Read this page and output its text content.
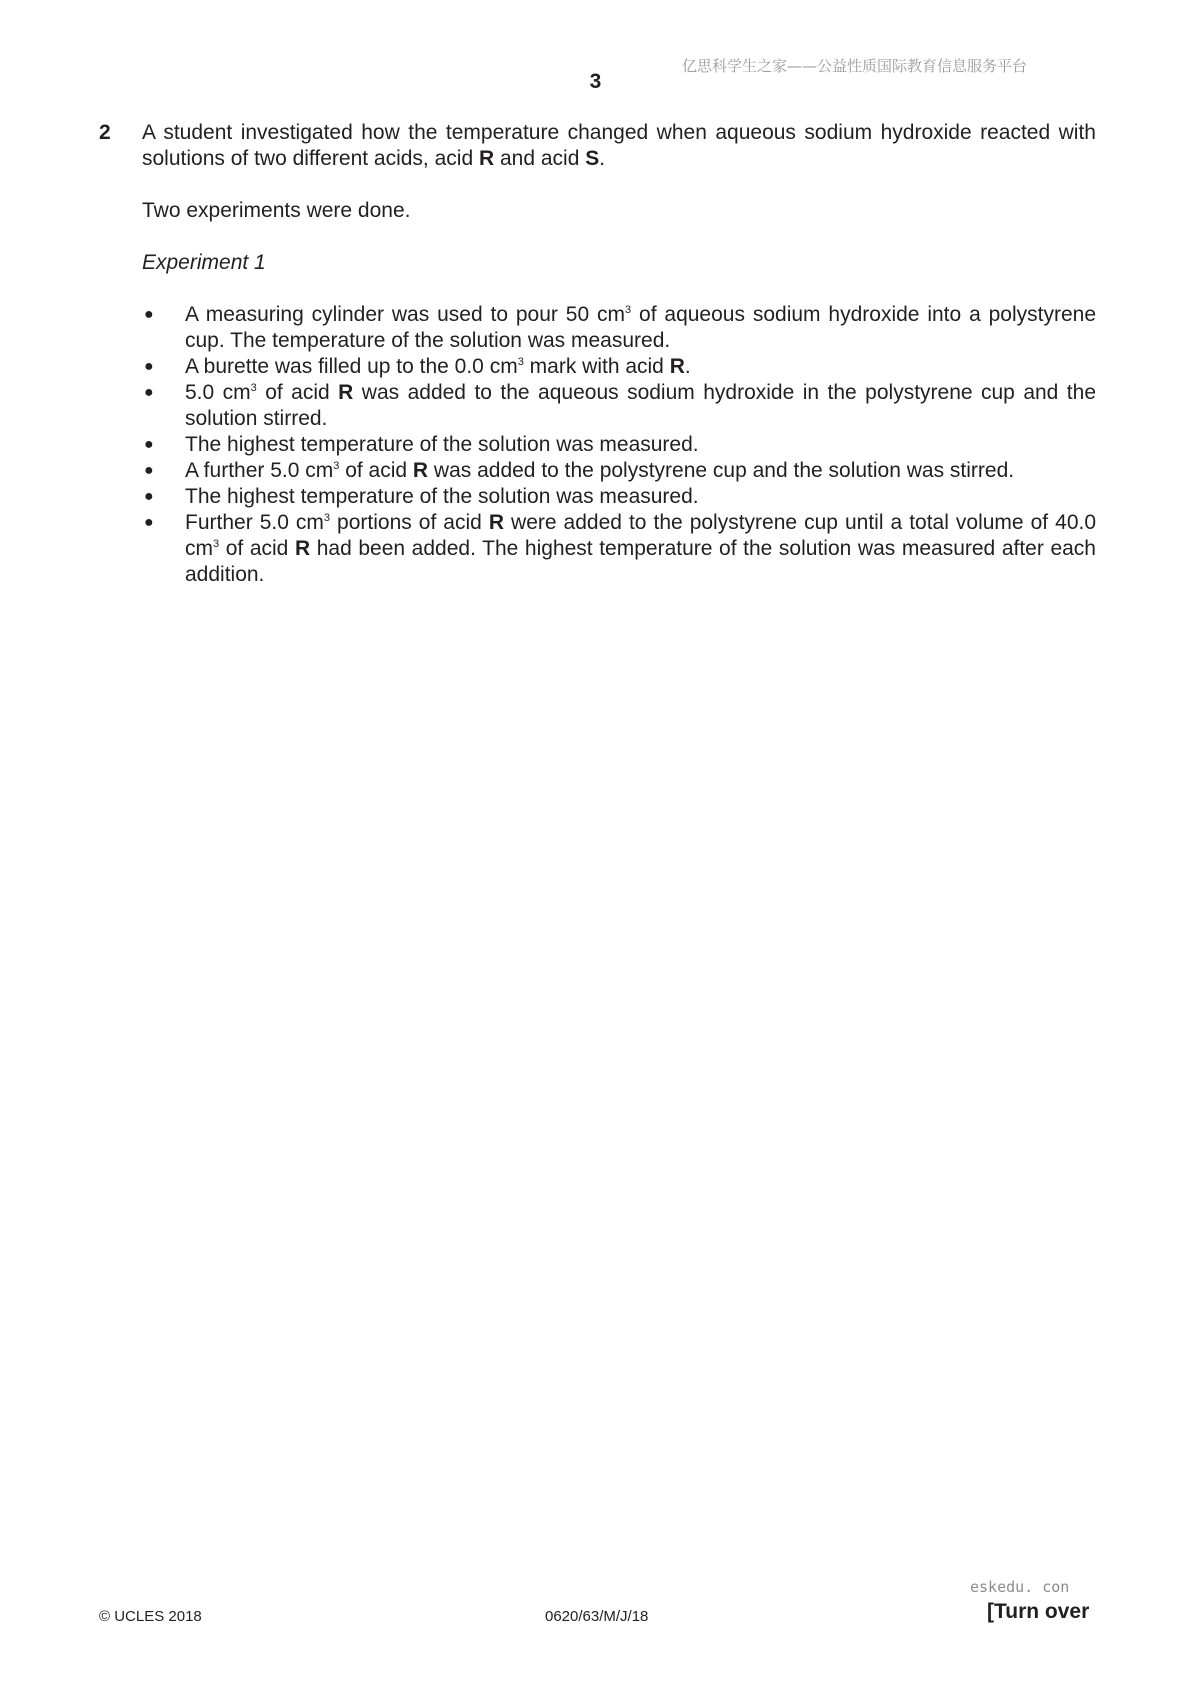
亿思科学生之家——公益性质国际教育信息服务平台
3
2 A student investigated how the temperature changed when aqueous sodium hydroxide reacted with solutions of two different acids, acid R and acid S.

Two experiments were done.

Experiment 1

● A measuring cylinder was used to pour 50 $cm^3$ of aqueous sodium hydroxide into a polystyrene cup. The temperature of the solution was measured.
● A burette was filled up to the 0.0 $cm^3$ mark with acid R.
● 5.0 $cm^3$ of acid R was added to the aqueous sodium hydroxide in the polystyrene cup and the solution stirred.
● The highest temperature of the solution was measured.
● A further 5.0 $cm^3$ of acid R was added to the polystyrene cup and the solution was stirred.
● The highest temperature of the solution was measured.
● Further 5.0 $cm^3$ portions of acid R were added to the polystyrene cup until a total volume of 40.0 $cm^3$ of acid R had been added. The highest temperature of the solution was measured after each addition.
eskedu. con
© UCLES 2018	0620/63/M/J/18	[Turn over
